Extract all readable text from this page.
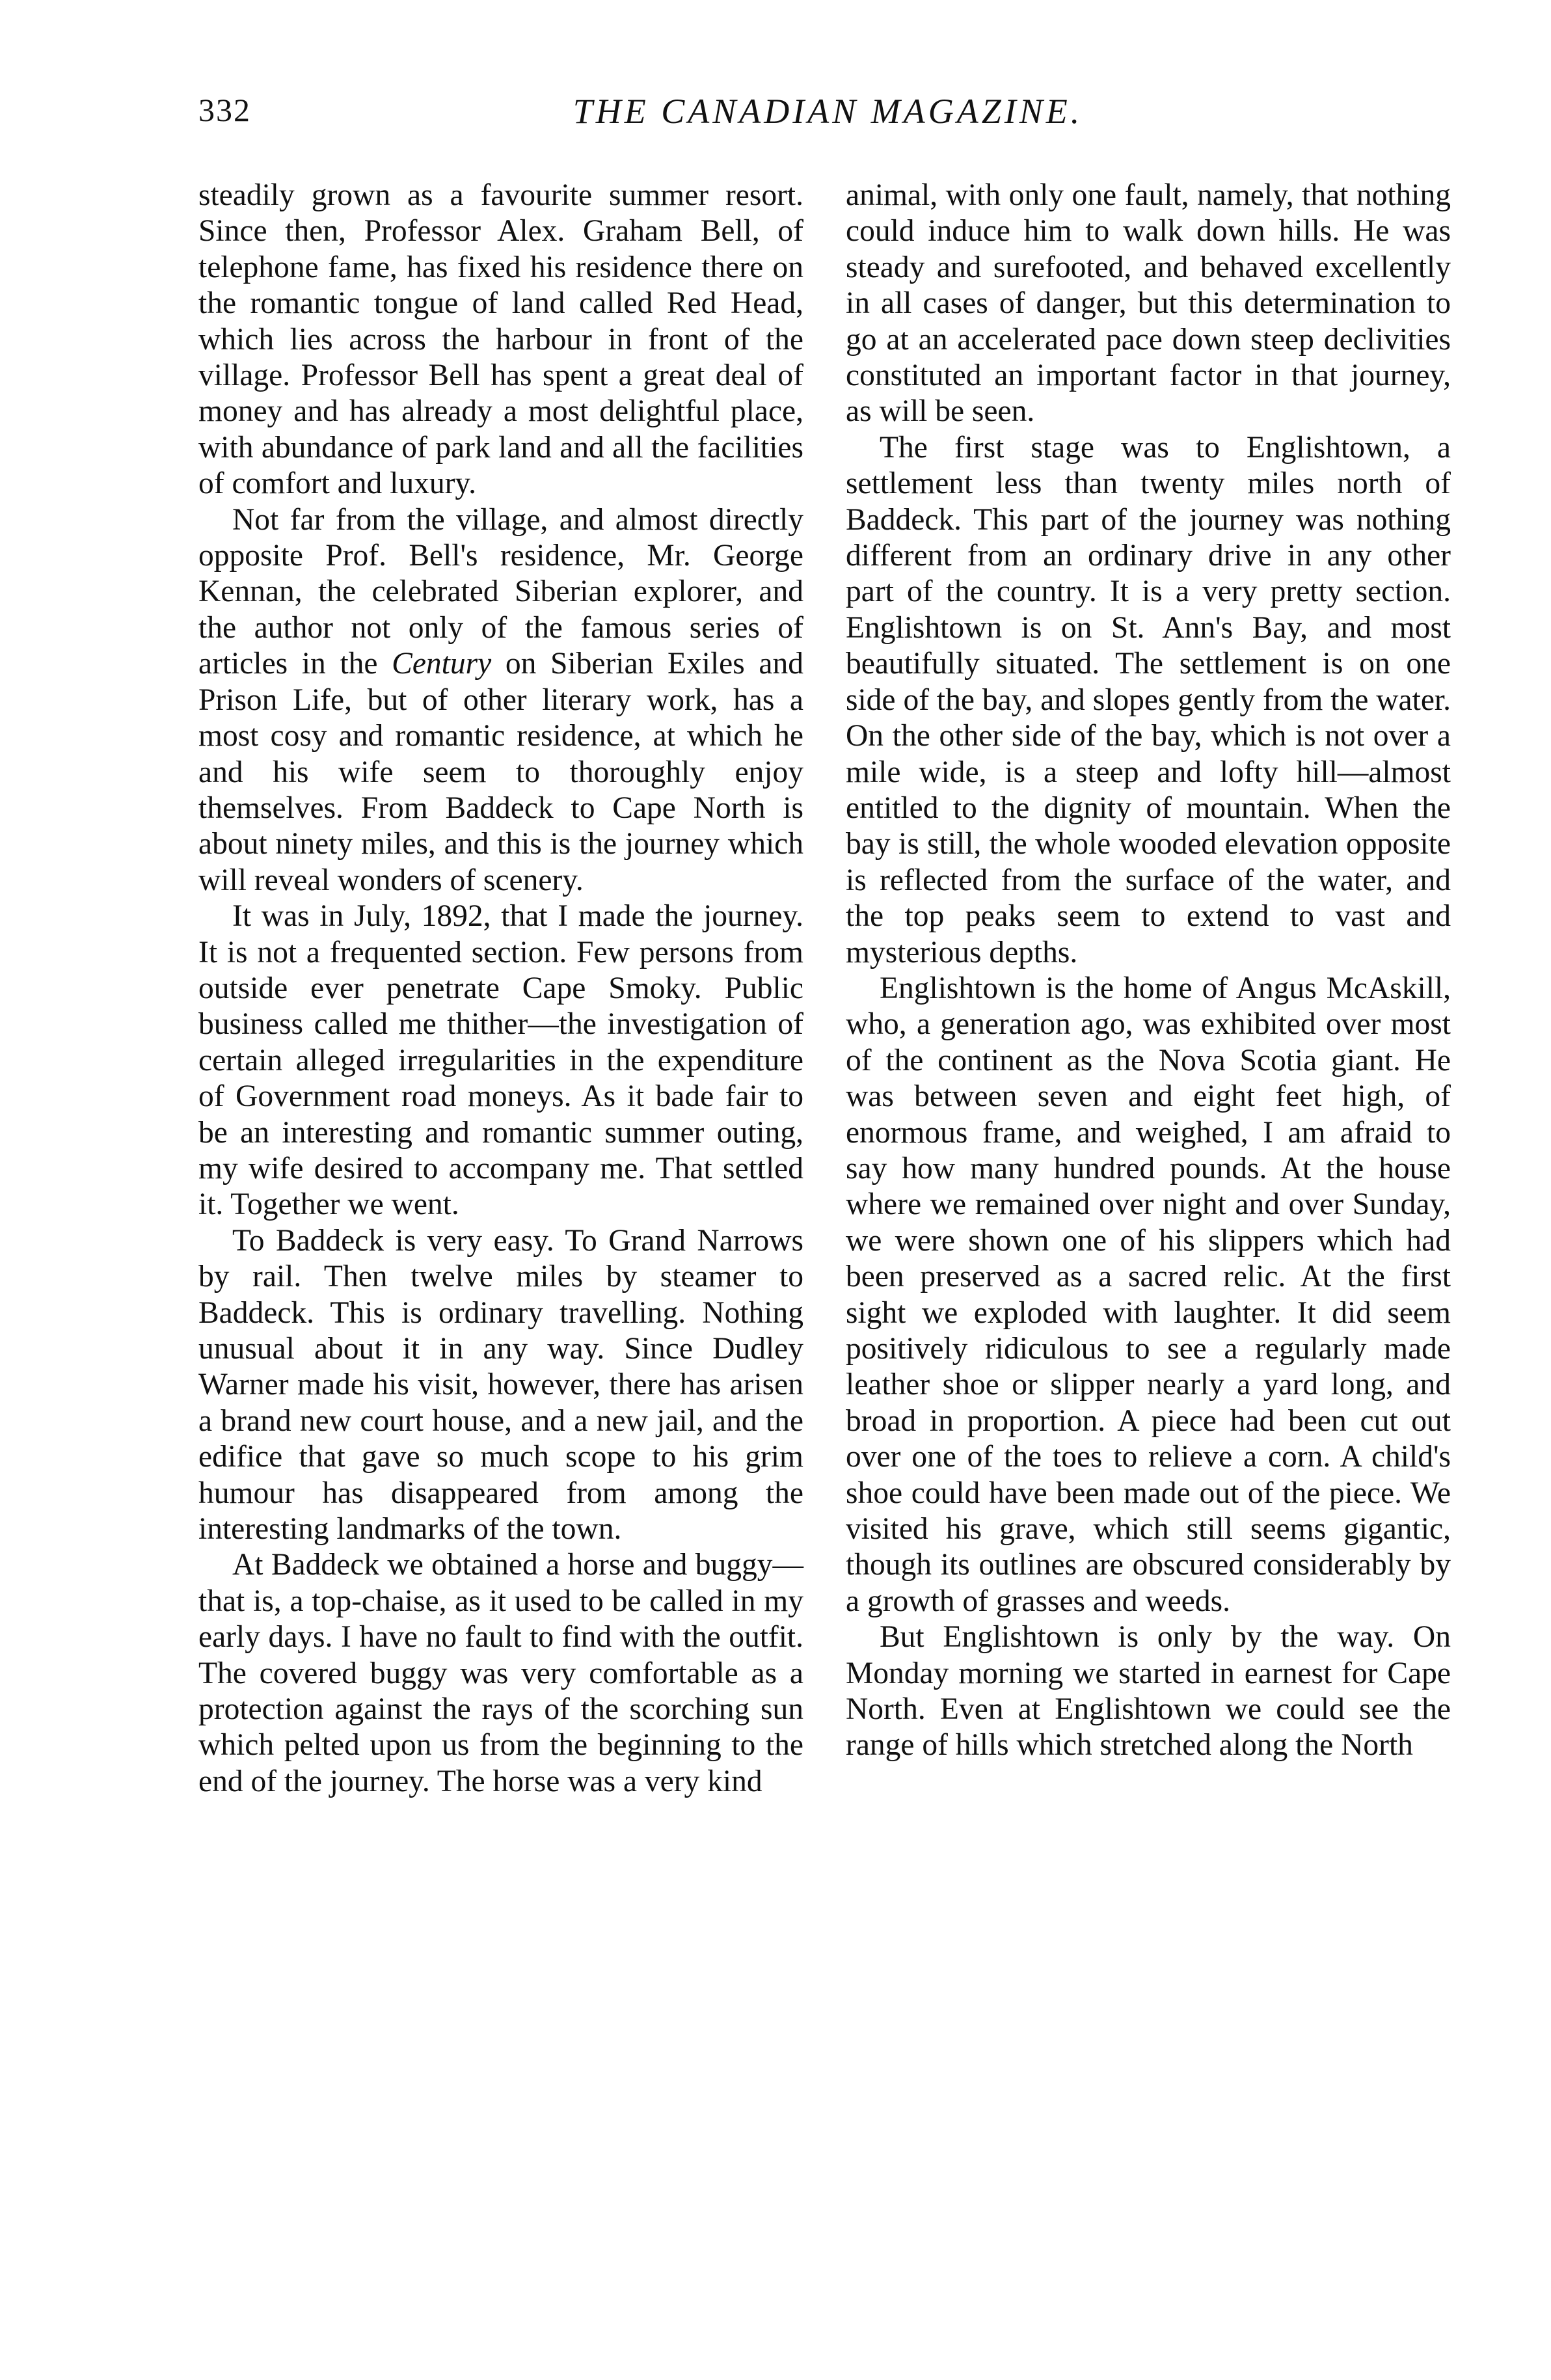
332	THE CANADIAN MAGAZINE.

steadily grown as a favourite summer resort. Since then, Professor Alex. Graham Bell, of telephone fame, has fixed his residence there on the romantic tongue of land called Red Head, which lies across the harbour in front of the village. Professor Bell has spent a great deal of money and has already a most delightful place, with abundance of park land and all the facilities of comfort and luxury.

Not far from the village, and almost directly opposite Prof. Bell's residence, Mr. George Kennan, the celebrated Siberian explorer, and the author not only of the famous series of articles in the Century on Siberian Exiles and Prison Life, but of other literary work, has a most cosy and romantic residence, at which he and his wife seem to thoroughly enjoy themselves. From Baddeck to Cape North is about ninety miles, and this is the journey which will reveal wonders of scenery.

It was in July, 1892, that I made the journey. It is not a frequented section. Few persons from outside ever penetrate Cape Smoky. Public business called me thither—the investigation of certain alleged irregularities in the expenditure of Government road moneys. As it bade fair to be an interesting and romantic summer outing, my wife desired to accompany me. That settled it. Together we went.

To Baddeck is very easy. To Grand Narrows by rail. Then twelve miles by steamer to Baddeck. This is ordinary travelling. Nothing unusual about it in any way. Since Dudley Warner made his visit, however, there has arisen a brand new court house, and a new jail, and the edifice that gave so much scope to his grim humour has disappeared from among the interesting landmarks of the town.

At Baddeck we obtained a horse and buggy—that is, a top-chaise, as it used to be called in my early days. I have no fault to find with the outfit. The covered buggy was very comfortable as a protection against the rays of the scorching sun which pelted upon us from the beginning to the end of the journey. The horse was a very kind

animal, with only one fault, namely, that nothing could induce him to walk down hills. He was steady and surefooted, and behaved excellently in all cases of danger, but this determination to go at an accelerated pace down steep declivities constituted an important factor in that journey, as will be seen.

The first stage was to Englishtown, a settlement less than twenty miles north of Baddeck. This part of the journey was nothing different from an ordinary drive in any other part of the country. It is a very pretty section. Englishtown is on St. Ann's Bay, and most beautifully situated. The settlement is on one side of the bay, and slopes gently from the water. On the other side of the bay, which is not over a mile wide, is a steep and lofty hill—almost entitled to the dignity of mountain. When the bay is still, the whole wooded elevation opposite is reflected from the surface of the water, and the top peaks seem to extend to vast and mysterious depths.

Englishtown is the home of Angus McAskill, who, a generation ago, was exhibited over most of the continent as the Nova Scotia giant. He was between seven and eight feet high, of enormous frame, and weighed, I am afraid to say how many hundred pounds. At the house where we remained over night and over Sunday, we were shown one of his slippers which had been preserved as a sacred relic. At the first sight we exploded with laughter. It did seem positively ridiculous to see a regularly made leather shoe or slipper nearly a yard long, and broad in proportion. A piece had been cut out over one of the toes to relieve a corn. A child's shoe could have been made out of the piece. We visited his grave, which still seems gigantic, though its outlines are obscured considerably by a growth of grasses and weeds.

But Englishtown is only by the way. On Monday morning we started in earnest for Cape North. Even at Englishtown we could see the range of hills which stretched along the North
